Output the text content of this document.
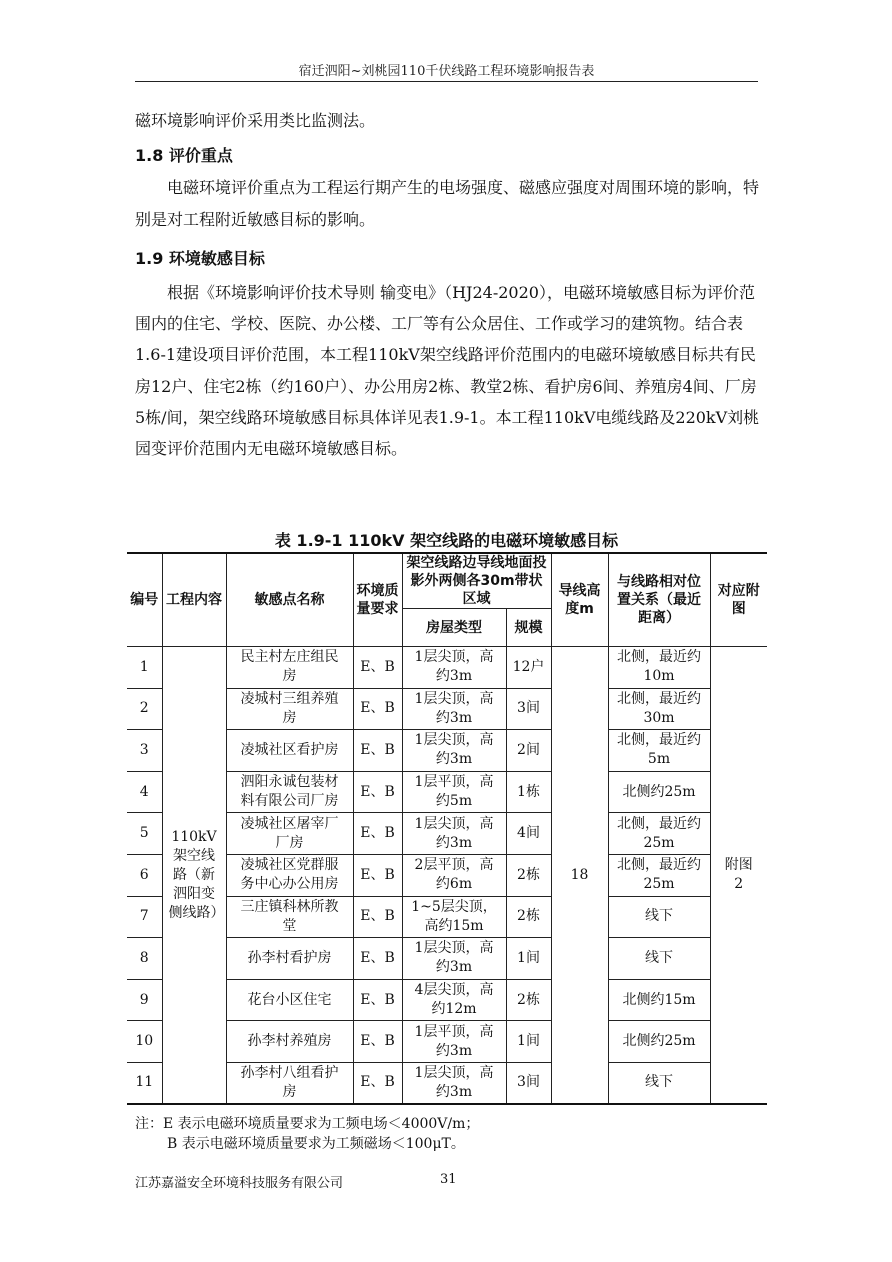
宿迁泗阳~刘桃园110千伏线路工程环境影响报告表
磁环境影响评价采用类比监测法。
1.8 评价重点
电磁环境评价重点为工程运行期产生的电场强度、磁感应强度对周围环境的影响，特别是对工程附近敏感目标的影响。
1.9 环境敏感目标
根据《环境影响评价技术导则 输变电》（HJ24-2020），电磁环境敏感目标为评价范围内的住宅、学校、医院、办公楼、工厂等有公众居住、工作或学习的建筑物。结合表1.6-1建设项目评价范围，本工程110kV架空线路评价范围内的电磁环境敏感目标共有民房12户、住宅2栋（约160户）、办公用房2栋、教堂2栋、看护房6间、养殖房4间、厂房5栋/间，架空线路环境敏感目标具体详见表1.9-1。本工程110kV电缆线路及220kV刘桃园变评价范围内无电磁环境敏感目标。
表 1.9-1 110kV 架空线路的电磁环境敏感目标
编号	工程内容	敏感点名称	环境质量要求	架空线路边导线地面投影外两侧各30m带状区域		导线高度m	与线路相对位置关系（最近距离）	对应附图
				房屋类型	规模			
1	110kV架空线路（新泗阳变侧线路）	民主村左庄组民房	E、B	1层尖顶，高约3m	12户	18	北侧，最近约10m	附图2
2		凌城村三组养殖房	E、B	1层尖顶，高约3m	3间		北侧，最近约30m	
3		凌城社区看护房	E、B	1层尖顶，高约3m	2间		北侧，最近约5m	
4		泗阳永诚包装材料有限公司厂房	E、B	1层平顶，高约5m	1栋		北侧约25m	
5		凌城社区屠宰厂厂房	E、B	1层尖顶，高约3m	4间		北侧，最近约25m	
6		凌城社区党群服务中心办公用房	E、B	2层平顶，高约6m	2栋		北侧，最近约25m	
7		三庄镇科林所教堂	E、B	1~5层尖顶，高约15m	2栋		线下	
8		孙李村看护房	E、B	1层尖顶，高约3m	1间		线下	
9		花台小区住宅	E、B	4层尖顶，高约12m	2栋		北侧约15m	
10		孙李村养殖房	E、B	1层平顶，高约3m	1间		北侧约25m	
11		孙李村八组看护房	E、B	1层尖顶，高约3m	3间		线下	
注：E 表示电磁环境质量要求为工频电场＜4000V/m；
B 表示电磁环境质量要求为工频磁场＜100μT。
江苏嘉溢安全环境科技服务有限公司	31
